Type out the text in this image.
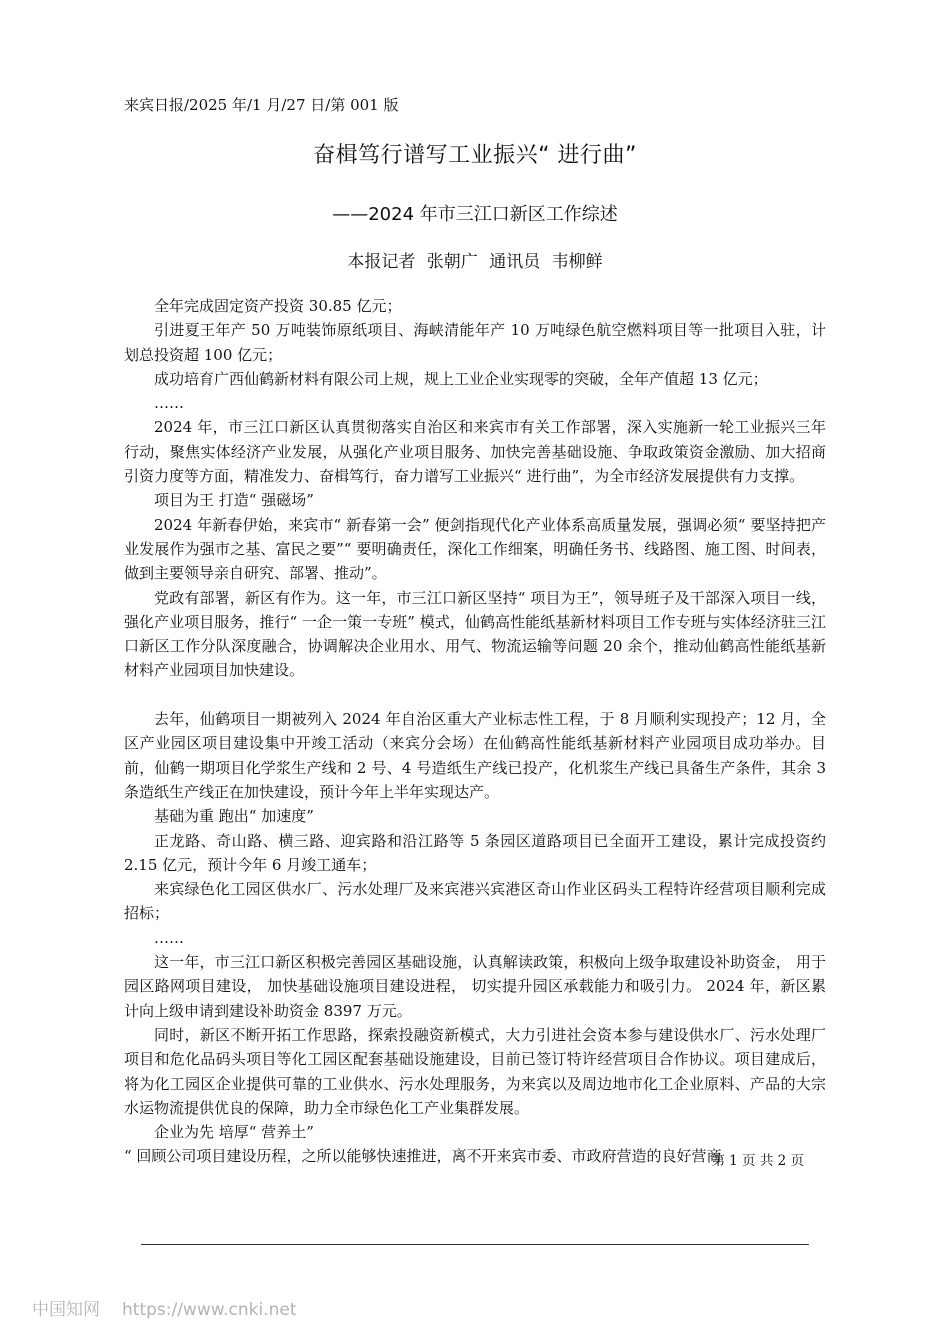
来宾日报/2025 年/1 月/27 日/第 001 版
奋楫笃行谱写工业振兴“ 进行曲”
——2024 年市三江口新区工作综述
本报记者 张朝广 通讯员 韦柳鲜

全年完成固定资产投资 30.85 亿元；

引进夏王年产 50 万吨装饰原纸项目、海峡清能年产 10 万吨绿色航空燃料项目等一批项目入驻，计划总投资超 100 亿元；

成功培育广西仙鹤新材料有限公司上规，规上工业企业实现零的突破，全年产值超 13 亿元；

……

2024 年，市三江口新区认真贯彻落实自治区和来宾市有关工作部署，深入实施新一轮工业振兴三年行动，聚焦实体经济产业发展，从强化产业项目服务、加快完善基础设施、争取政策资金激励、加大招商引资力度等方面，精准发力、奋楫笃行，奋力谱写工业振兴“ 进行曲”，为全市经济发展提供有力支撑。

项目为王 打造“ 强磁场”

2024 年新春伊始，来宾市“ 新春第一会” 便剑指现代化产业体系高质量发展，强调必须“ 要坚持把产业发展作为强市之基、富民之要”“ 要明确责任，深化工作细案，明确任务书、线路图、施工图、时间表，做到主要领导亲自研究、部署、推动”。

党政有部署，新区有作为。这一年，市三江口新区坚持“ 项目为王”，领导班子及干部深入项目一线，强化产业项目服务，推行“ 一企一策一专班” 模式，仙鹤高性能纸基新材料项目工作专班与实体经济驻三江口新区工作分队深度融合，协调解决企业用水、用气、物流运输等问题 20 余个，推动仙鹤高性能纸基新材料产业园项目加快建设。

去年，仙鹤项目一期被列入 2024 年自治区重大产业标志性工程，于 8 月顺利实现投产；12 月，全区产业园区项目建设集中开竣工活动（来宾分会场）在仙鹤高性能纸基新材料产业园项目成功举办。目前，仙鹤一期项目化学浆生产线和 2 号、4 号造纸生产线已投产，化机浆生产线已具备生产条件，其余 3 条造纸生产线正在加快建设，预计今年上半年实现达产。

基础为重 跑出“ 加速度”

正龙路、奇山路、横三路、迎宾路和沿江路等 5 条园区道路项目已全面开工建设，累计完成投资约 2.15 亿元，预计今年 6 月竣工通车；

来宾绿色化工园区供水厂、污水处理厂及来宾港兴宾港区奇山作业区码头工程特许经营项目顺利完成招标；

……

这一年，市三江口新区积极完善园区基础设施，认真解读政策，积极向上级争取建设补助资金， 用于园区路网项目建设， 加快基础设施项目建设进程， 切实提升园区承载能力和吸引力。 2024 年，新区累计向上级申请到建设补助资金 8397 万元。

同时，新区不断开拓工作思路，探索投融资新模式，大力引进社会资本参与建设供水厂、污水处理厂项目和危化品码头项目等化工园区配套基础设施建设，目前已签订特许经营项目合作协议。项目建成后，将为化工园区企业提供可靠的工业供水、污水处理服务，为来宾以及周边地市化工企业原料、产品的大宗水运物流提供优良的保障，助力全市绿色化工产业集群发展。

企业为先 培厚“ 营养土”

“ 回顾公司项目建设历程，之所以能够快速推进，离不开来宾市委、市政府营造的良好营商

第 1 页 共 2 页
中国知网 https://www.cnki.net
